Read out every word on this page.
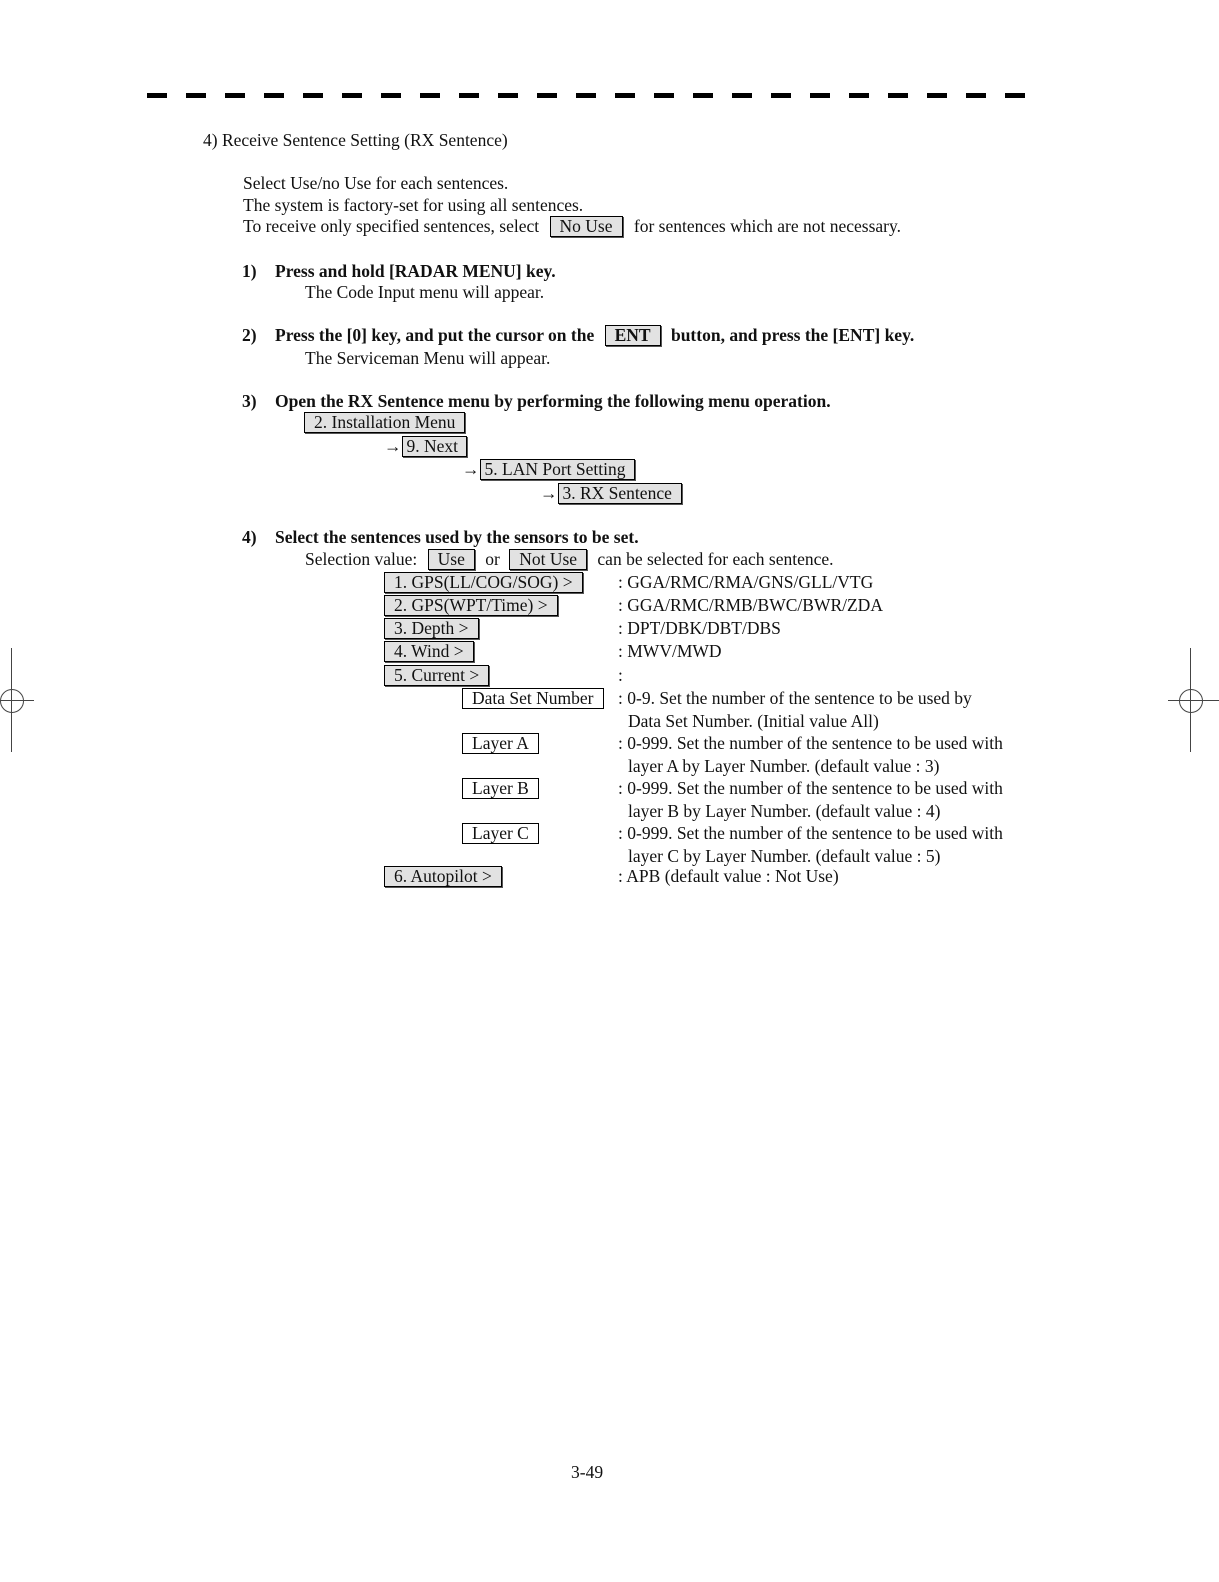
4) Receive Sentence Setting (RX Sentence)
Select Use/no Use for each sentences.
The system is factory-set for using all sentences.
To receive only specified sentences, select No Use for sentences which are not necessary.
1) Press and hold [RADAR MENU] key.
The Code Input menu will appear.
2) Press the [0] key, and put the cursor on the ENT button, and press the [ENT] key.
The Serviceman Menu will appear.
3) Open the RX Sentence menu by performing the following menu operation.
2. Installation Menu
→ 9. Next
→ 5. LAN Port Setting
→ 3. RX Sentence
4) Select the sentences used by the sensors to be set.
Selection value: Use or Not Use can be selected for each sentence.
1. GPS(LL/COG/SOG) >	: GGA/RMC/RMA/GNS/GLL/VTG
2. GPS(WPT/Time) >	: GGA/RMC/RMB/BWC/BWR/ZDA
3. Depth >	: DPT/DBK/DBT/DBS
4. Wind >	: MWV/MWD
5. Current >	:
Data Set Number	: 0-9. Set the number of the sentence to be used by
Data Set Number. (Initial value All)
Layer A	: 0-999. Set the number of the sentence to be used with
layer A by Layer Number. (default value : 3)
Layer B	: 0-999. Set the number of the sentence to be used with
layer B by Layer Number. (default value : 4)
Layer C	: 0-999. Set the number of the sentence to be used with
layer C by Layer Number. (default value : 5)
6. Autopilot >	: APB (default value : Not Use)
3-49
